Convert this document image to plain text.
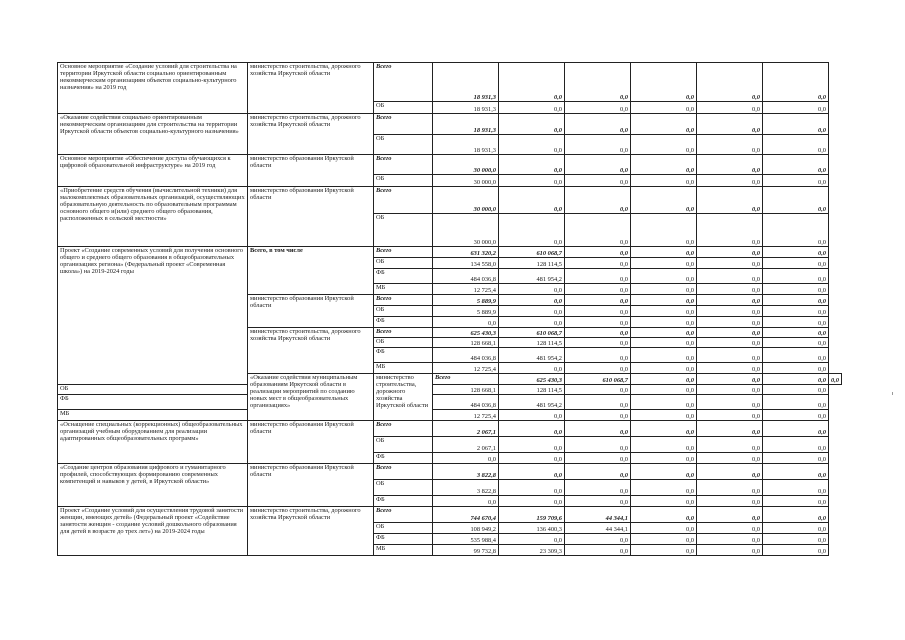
Основное мероприятие «Создание условий для строительства на территории Иркутской области социально ориентированным некоммерческим организациям объектов социально-культурного назначения» на 2019 год	министерство строительства, дорожного хозяйства Иркутской области	Всего	18 931,3	0,0	0,0	0,0	0,0	0,0	
		ОБ	18 931,3	0,0	0,0	0,0	0,0	0,0	
«Оказание содействия социально ориентированным некоммерческим организациям для строительства на территории Иркутской области объектов социально-культурного назначения»	министерство строительства, дорожного хозяйства Иркутской области	Всего	18 931,3	0,0	0,0	0,0	0,0	0,0	
		ОБ	18 931,3	0,0	0,0	0,0	0,0	0,0	
Основное мероприятие «Обеспечение доступа обучающихся к цифровой образовательной инфраструктуре» на 2019 год	министерство образования Иркутской области	Всего	30 000,0	0,0	0,0	0,0	0,0	0,0	
		ОБ	30 000,0	0,0	0,0	0,0	0,0	0,0	
«Приобретение средств обучения (вычислительной техники) для малокомплектных образовательных организаций, осуществляющих образовательную деятельность по образовательным программам основного общего и(или) среднего общего образования, расположенных в сельской местности»	министерство образования Иркутской области	Всего	30 000,0	0,0	0,0	0,0	0,0	0,0	
		ОБ	30 000,0	0,0	0,0	0,0	0,0	0,0	
Проект «Создание современных условий для получения основного общего и среднего общего образования в общеобразовательных организациях региона» (Федеральный проект «Современная школа») на 2019-2024 годы	Всего, в том числе	Всего	631 320,2	610 068,7	0,0	0,0	0,0	0,0	
		ОБ	134 558,0	128 114,5	0,0	0,0	0,0	0,0	
		ФБ	484 036,8	481 954,2	0,0	0,0	0,0	0,0	
		МБ	12 725,4	0,0	0,0	0,0	0,0	0,0	
	министерство образования Иркутской области	Всего	5 889,9	0,0	0,0	0,0	0,0	0,0	
		ОБ	5 889,9	0,0	0,0	0,0	0,0	0,0	
		ФБ	0,0	0,0	0,0	0,0	0,0	0,0	
	министерство строительства, дорожного хозяйства Иркутской области	Всего	625 430,3	610 068,7	0,0	0,0	0,0	0,0	
		ОБ	128 668,1	128 114,5	0,0	0,0	0,0	0,0	
		ФБ	484 036,8	481 954,2	0,0	0,0	0,0	0,0	
		МБ	12 725,4	0,0	0,0	0,0	0,0	0,0	
	«Оказание содействия муниципальным образованиям Иркутской области в реализации мероприятий по созданию новых мест в общеобразовательных организациях»	министерство строительства, дорожного хозяйства Иркутской области	Всего	625 430,3	610 068,7	0,0	0,0	0,0	0,0
ОБ			128 668,1	128 114,5	0,0	0,0	0,0	0,0	
ФБ			484 036,8	481 954,2	0,0	0,0	0,0	0,0	
МБ			12 725,4	0,0	0,0	0,0	0,0	0,0	
«Оснащение специальных (коррекционных) общеобразовательных организаций учебным оборудованием для реализации адаптированных общеобразовательных программ»	министерство образования Иркутской области	Всего	2 067,1	0,0	0,0	0,0	0,0	0,0	
		ОБ	2 067,1	0,0	0,0	0,0	0,0	0,0	
		ФБ	0,0	0,0	0,0	0,0	0,0	0,0	
«Создание центров образования цифрового и гуманитарного профилей, способствующих формированию современных компетенций и навыков у детей, в Иркутской области»	министерство образования Иркутской области	Всего	3 822,8	0,0	0,0	0,0	0,0	0,0	
		ОБ	3 822,8	0,0	0,0	0,0	0,0	0,0	
		ФБ	0,0	0,0	0,0	0,0	0,0	0,0	
Проект «Создание условий для осуществления трудовой занятости женщин, имеющих детей» (Федеральный проект «Содействие занятости женщин - создание условий дошкольного образования для детей в возрасте до трех лет») на 2019-2024 годы	министерство строительства, дорожного хозяйства Иркутской области	Всего	744 670,4	159 709,6	44 344,1	0,0	0,0	0,0	
		ОБ	108 949,2	136 400,3	44 344,1	0,0	0,0	0,0	
		ФБ	535 988,4	0,0	0,0	0,0	0,0	0,0	
		МБ	99 732,8	23 309,3	0,0	0,0	0,0	0,0	
